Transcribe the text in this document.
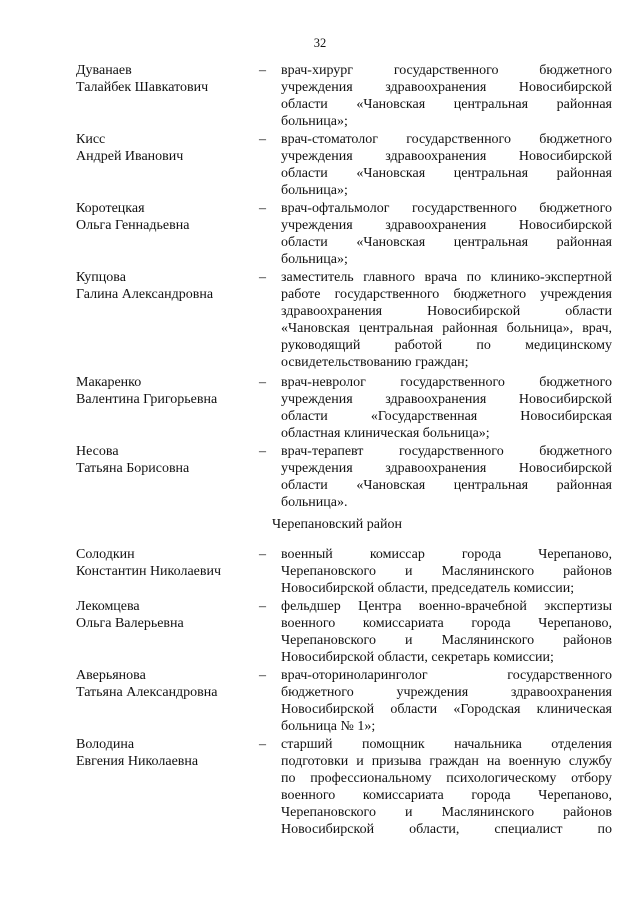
32
Дуванаев
Талайбек Шавкатович
– врач-хирург государственного бюджетного
учреждения здравоохранения Новосибирской
области «Чановская центральная районная
больница»;
Кисс
Андрей Иванович
– врач-стоматолог государственного бюджетного
учреждения здравоохранения Новосибирской
области «Чановская центральная районная
больница»;
Коротецкая
Ольга Геннадьевна
– врач-офтальмолог государственного бюджетного
учреждения здравоохранения Новосибирской
области «Чановская центральная районная
больница»;
Купцова
Галина Александровна
– заместитель главного врача по клинико-экспертной
работе государственного бюджетного учреждения
здравоохранения Новосибирской области
«Чановская центральная районная больница», врач,
руководящий работой по медицинскому
освидетельствованию граждан;
Макаренко
Валентина Григорьевна
– врач-невролог государственного бюджетного
учреждения здравоохранения Новосибирской
области «Государственная Новосибирская
областная клиническая больница»;
Несова
Татьяна Борисовна
– врач-терапевт государственного бюджетного
учреждения здравоохранения Новосибирской
области «Чановская центральная районная
больница».
Черепановский район
Солодкин
Константин Николаевич
– военный комиссар города Черепаново,
Черепановского и Маслянинского районов
Новосибирской области, председатель комиссии;
Лекомцева
Ольга Валерьевна
– фельдшер Центра военно-врачебной экспертизы
военного комиссариата города Черепаново,
Черепановского и Маслянинского районов
Новосибирской области, секретарь комиссии;
Аверьянова
Татьяна Александровна
– врач-оториноларинголог государственного
бюджетного учреждения здравоохранения
Новосибирской области «Городская клиническая
больница № 1»;
Володина
Евгения Николаевна
– старший помощник начальника отделения
подготовки и призыва граждан на военную службу
по профессиональному психологическому отбору
военного комиссариата города Черепаново,
Черепановского и Маслянинского районов
Новосибирской области, специалист по
